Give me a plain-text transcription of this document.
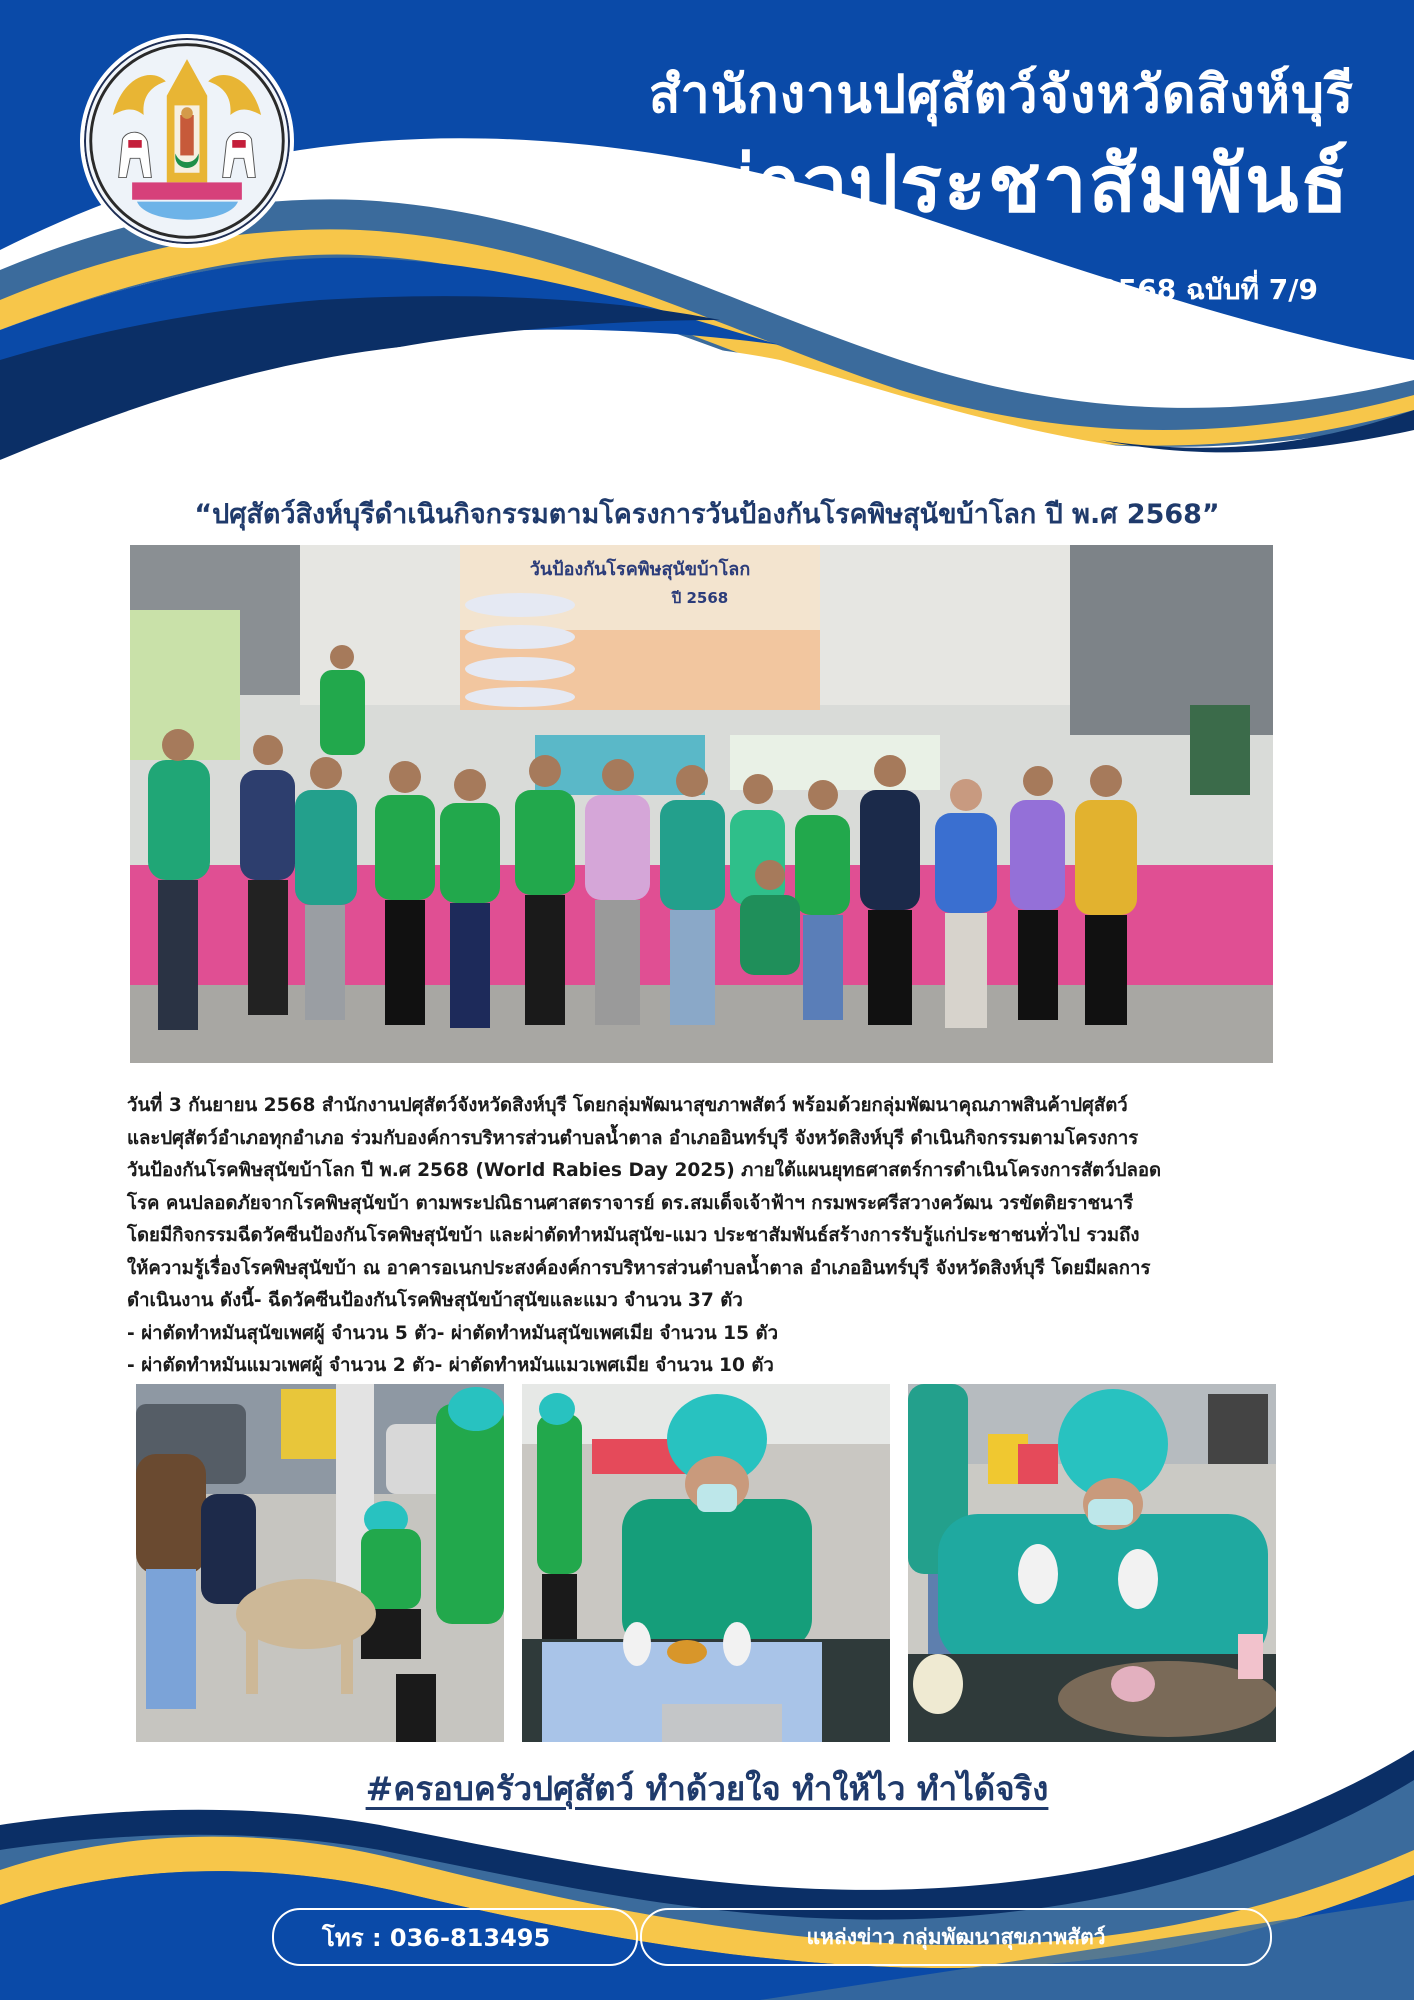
สำนักงานปศุสัตว์จังหวัดสิงห์บุรี
ข่าวประชาสัมพันธ์
ประจำเดือน กันยายน 2568 ฉบับที่ 7/9
“ปศุสัตว์สิงห์บุรีดำเนินกิจกรรมตามโครงการวันป้องกันโรคพิษสุนัขบ้าโลก ปี พ.ศ 2568”
วันป้องกันโรคพิษสุนัขบ้าโลก
ปี 2568

วันที่ 3 กันยายน 2568 สำนักงานปศุสัตว์จังหวัดสิงห์บุรี โดยกลุ่มพัฒนาสุขภาพสัตว์ พร้อมด้วยกลุ่มพัฒนาคุณภาพสินค้าปศุสัตว์

และปศุสัตว์อำเภอทุกอำเภอ ร่วมกับองค์การบริหารส่วนตำบลน้ำตาล อำเภออินทร์บุรี จังหวัดสิงห์บุรี ดำเนินกิจกรรมตามโครงการ

วันป้องกันโรคพิษสุนัขบ้าโลก ปี พ.ศ 2568 (World Rabies Day 2025) ภายใต้แผนยุทธศาสตร์การดำเนินโครงการสัตว์ปลอด

โรค คนปลอดภัยจากโรคพิษสุนัขบ้า ตามพระปณิธานศาสตราจารย์ ดร.สมเด็จเจ้าฟ้าฯ กรมพระศรีสวางควัฒน วรขัตติยราชนารี

โดยมีกิจกรรมฉีดวัคซีนป้องกันโรคพิษสุนัขบ้า และผ่าตัดทำหมันสุนัข-แมว ประชาสัมพันธ์สร้างการรับรู้แก่ประชาชนทั่วไป รวมถึง

ให้ความรู้เรื่องโรคพิษสุนัขบ้า ณ อาคารอเนกประสงค์องค์การบริหารส่วนตำบลน้ำตาล อำเภออินทร์บุรี จังหวัดสิงห์บุรี โดยมีผลการ

ดำเนินงาน ดังนี้- ฉีดวัคซีนป้องกันโรคพิษสุนัขบ้าสุนัขและแมว จำนวน 37 ตัว

- ผ่าตัดทำหมันสุนัขเพศผู้ จำนวน 5 ตัว- ผ่าตัดทำหมันสุนัขเพศเมีย จำนวน 15 ตัว

- ผ่าตัดทำหมันแมวเพศผู้ จำนวน 2 ตัว- ผ่าตัดทำหมันแมวเพศเมีย จำนวน 10 ตัว

#ครอบครัวปศุสัตว์ ทำด้วยใจ ทำให้ไว ทำได้จริง
โทร : 036-813495	แหล่งข่าว กลุ่มพัฒนาสุขภาพสัตว์
